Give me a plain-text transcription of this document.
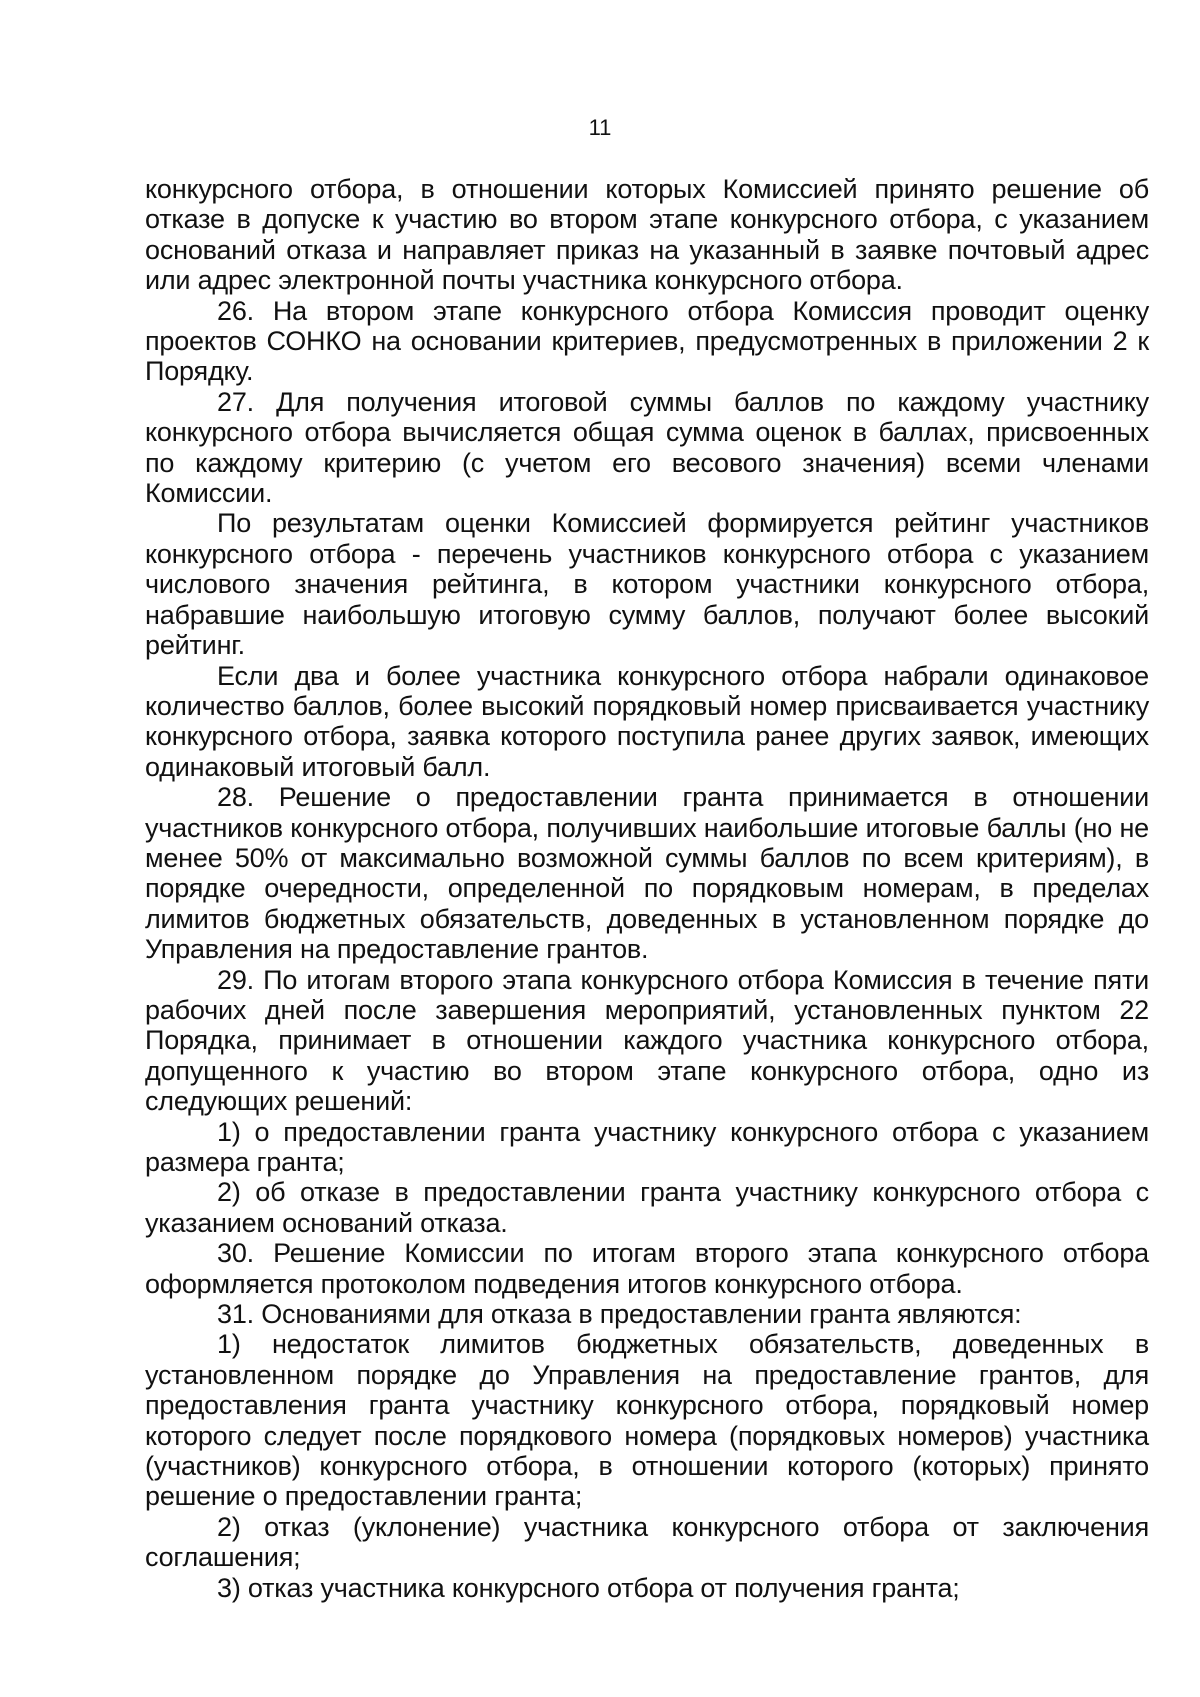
11

конкурсного отбора, в отношении которых Комиссией принято решение об отказе в допуске к участию во втором этапе конкурсного отбора, с указанием оснований отказа и направляет приказ на указанный в заявке почтовый адрес или адрес электронной почты участника конкурсного отбора.

26. На втором этапе конкурсного отбора Комиссия проводит оценку проектов СОНКО на основании критериев, предусмотренных в приложении 2 к Порядку.

27. Для получения итоговой суммы баллов по каждому участнику конкурсного отбора вычисляется общая сумма оценок в баллах, присвоенных по каждому критерию (с учетом его весового значения) всеми членами Комиссии.

По результатам оценки Комиссией формируется рейтинг участников конкурсного отбора - перечень участников конкурсного отбора с указанием числового значения рейтинга, в котором участники конкурсного отбора, набравшие наибольшую итоговую сумму баллов, получают более высокий рейтинг.

Если два и более участника конкурсного отбора набрали одинаковое количество баллов, более высокий порядковый номер присваивается участнику конкурсного отбора, заявка которого поступила ранее других заявок, имеющих одинаковый итоговый балл.

28. Решение о предоставлении гранта принимается в отношении участников конкурсного отбора, получивших наибольшие итоговые баллы (но не менее 50% от максимально возможной суммы баллов по всем критериям), в порядке очередности, определенной по порядковым номерам, в пределах лимитов бюджетных обязательств, доведенных в установленном порядке до Управления на предоставление грантов.

29. По итогам второго этапа конкурсного отбора Комиссия в течение пяти рабочих дней после завершения мероприятий, установленных пунктом 22 Порядка, принимает в отношении каждого участника конкурсного отбора, допущенного к участию во втором этапе конкурсного отбора, одно из следующих решений:

1) о предоставлении гранта участнику конкурсного отбора с указанием размера гранта;

2) об отказе в предоставлении гранта участнику конкурсного отбора с указанием оснований отказа.

30. Решение Комиссии по итогам второго этапа конкурсного отбора оформляется протоколом подведения итогов конкурсного отбора.

31. Основаниями для отказа в предоставлении гранта являются:

1) недостаток лимитов бюджетных обязательств, доведенных в установленном порядке до Управления на предоставление грантов, для предоставления гранта участнику конкурсного отбора, порядковый номер которого следует после порядкового номера (порядковых номеров) участника (участников) конкурсного отбора, в отношении которого (которых) принято решение о предоставлении гранта;

2) отказ (уклонение) участника конкурсного отбора от заключения соглашения;

3) отказ участника конкурсного отбора от получения гранта;
